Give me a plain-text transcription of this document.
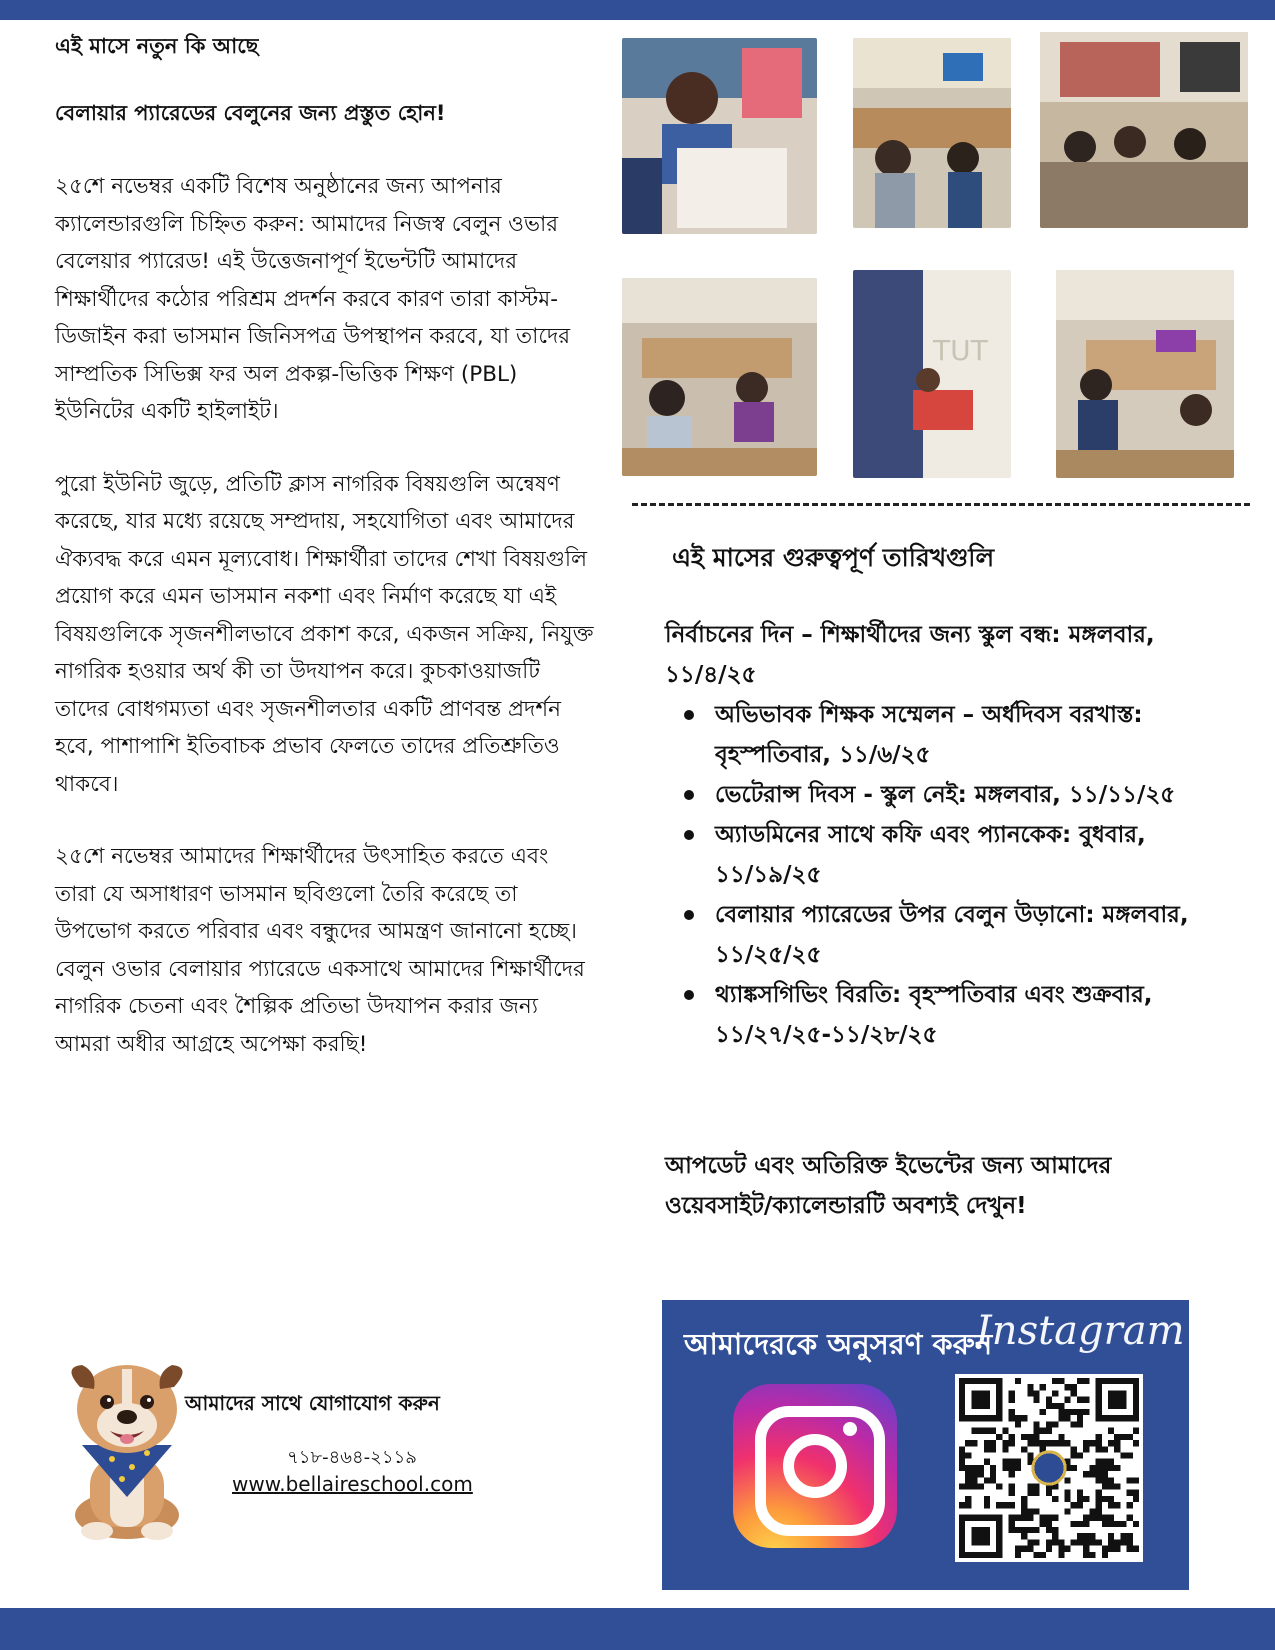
এই মাসে নতুন কি আছে
বেলায়ার প্যারেডের বেলুনের জন্য প্রস্তুত হোন!

২৫শে নভেম্বর একটি বিশেষ অনুষ্ঠানের জন্য আপনার ক্যালেন্ডারগুলি চিহ্নিত করুন: আমাদের নিজস্ব বেলুন ওভার বেলেয়ার প্যারেড! এই উত্তেজনাপূর্ণ ইভেন্টটি আমাদের শিক্ষার্থীদের কঠোর পরিশ্রম প্রদর্শন করবে কারণ তারা কাস্টম-ডিজাইন করা ভাসমান জিনিসপত্র উপস্থাপন করবে, যা তাদের সাম্প্রতিক সিভিক্স ফর অল প্রকল্প-ভিত্তিক শিক্ষণ (PBL) ইউনিটের একটি হাইলাইট।

পুরো ইউনিট জুড়ে, প্রতিটি ক্লাস নাগরিক বিষয়গুলি অন্বেষণ করেছে, যার মধ্যে রয়েছে সম্প্রদায়, সহযোগিতা এবং আমাদের ঐক্যবদ্ধ করে এমন মূল্যবোধ। শিক্ষার্থীরা তাদের শেখা বিষয়গুলি প্রয়োগ করে এমন ভাসমান নকশা এবং নির্মাণ করেছে যা এই বিষয়গুলিকে সৃজনশীলভাবে প্রকাশ করে, একজন সক্রিয়, নিযুক্ত নাগরিক হওয়ার অর্থ কী তা উদযাপন করে। কুচকাওয়াজটি তাদের বোধগম্যতা এবং সৃজনশীলতার একটি প্রাণবন্ত প্রদর্শন হবে, পাশাপাশি ইতিবাচক প্রভাব ফেলতে তাদের প্রতিশ্রুতিও থাকবে।

২৫শে নভেম্বর আমাদের শিক্ষার্থীদের উৎসাহিত করতে এবং তারা যে অসাধারণ ভাসমান ছবিগুলো তৈরি করেছে তা উপভোগ করতে পরিবার এবং বন্ধুদের আমন্ত্রণ জানানো হচ্ছে। বেলুন ওভার বেলায়ার প্যারেডে একসাথে আমাদের শিক্ষার্থীদের নাগরিক চেতনা এবং শৈল্পিক প্রতিভা উদযাপন করার জন্য আমরা অধীর আগ্রহে অপেক্ষা করছি!

TUT
এই মাসের গুরুত্বপূর্ণ তারিখগুলি

নির্বাচনের দিন – শিক্ষার্থীদের জন্য স্কুল বন্ধ: মঙ্গলবার, ১১/৪/২৫

অভিভাবক শিক্ষক সম্মেলন – অর্ধদিবস বরখাস্ত: বৃহস্পতিবার, ১১/৬/২৫
ভেটেরান্স দিবস - স্কুল নেই: মঙ্গলবার, ১১/১১/২৫
অ্যাডমিনের সাথে কফি এবং প্যানকেক: বুধবার, ১১/১৯/২৫
বেলায়ার প্যারেডের উপর বেলুন উড়ানো: মঙ্গলবার, ১১/২৫/২৫
থ্যাঙ্কসগিভিং বিরতি: বৃহস্পতিবার এবং শুক্রবার, ১১/২৭/২৫-১১/২৮/২৫
আপডেট এবং অতিরিক্ত ইভেন্টের জন্য আমাদের ওয়েবসাইট/ক্যালেন্ডারটি অবশ্যই দেখুন!
আমাদেরকে অনুসরণ করুন
Instagram
আমাদের সাথে যোগাযোগ করুন
৭১৮-৪৬৪-২১১৯
www.bellaireschool.com
